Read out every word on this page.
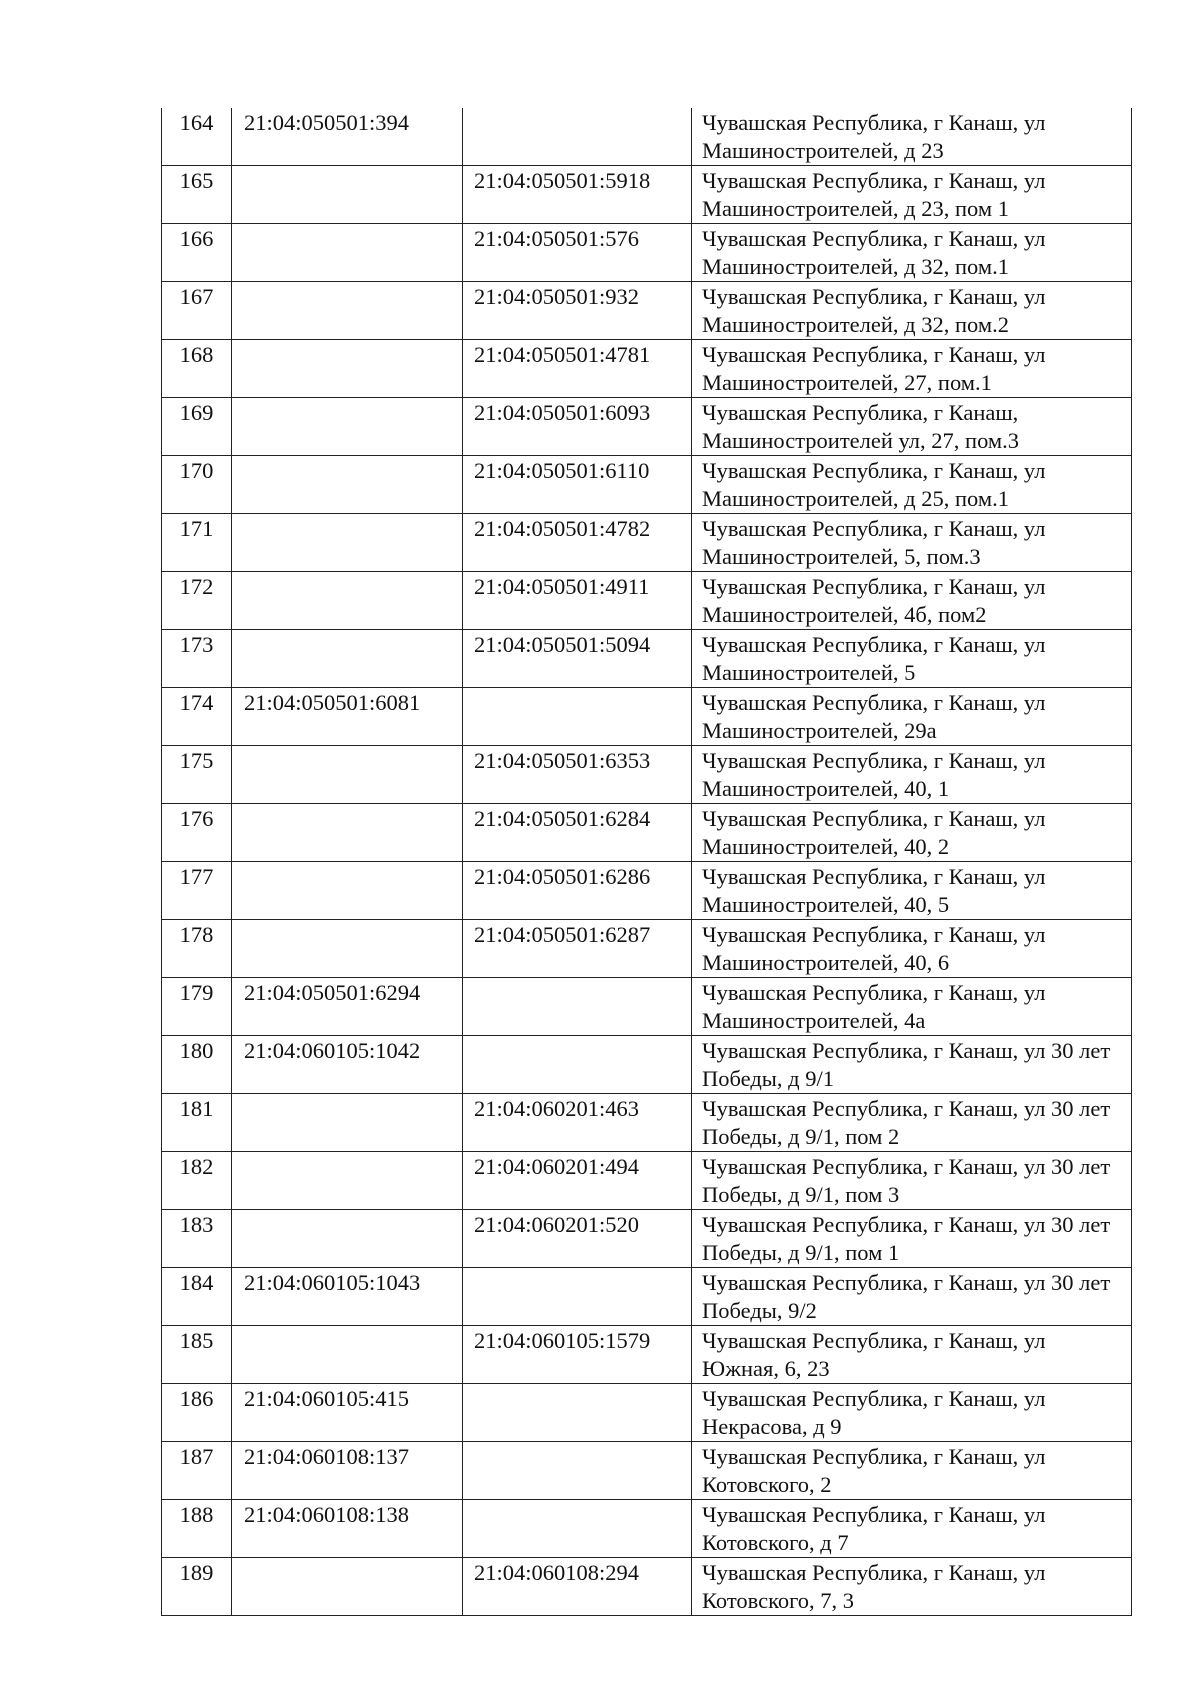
164	21:04:050501:394		Чувашская Республика, г Канаш, ул Машиностроителей, д 23
165		21:04:050501:5918	Чувашская Республика, г Канаш, ул Машиностроителей, д 23, пом 1
166		21:04:050501:576	Чувашская Республика, г Канаш, ул Машиностроителей, д 32, пом.1
167		21:04:050501:932	Чувашская Республика, г Канаш, ул Машиностроителей, д 32, пом.2
168		21:04:050501:4781	Чувашская Республика, г Канаш, ул Машиностроителей, 27, пом.1
169		21:04:050501:6093	Чувашская Республика, г Канаш, Машиностроителей ул, 27, пом.3
170		21:04:050501:6110	Чувашская Республика, г Канаш, ул Машиностроителей, д 25, пом.1
171		21:04:050501:4782	Чувашская Республика, г Канаш, ул Машиностроителей, 5, пом.3
172		21:04:050501:4911	Чувашская Республика, г Канаш, ул Машиностроителей, 4б, пом2
173		21:04:050501:5094	Чувашская Республика, г Канаш, ул Машиностроителей, 5
174	21:04:050501:6081		Чувашская Республика, г Канаш, ул Машиностроителей, 29а
175		21:04:050501:6353	Чувашская Республика, г Канаш, ул Машиностроителей, 40, 1
176		21:04:050501:6284	Чувашская Республика, г Канаш, ул Машиностроителей, 40, 2
177		21:04:050501:6286	Чувашская Республика, г Канаш, ул Машиностроителей, 40, 5
178		21:04:050501:6287	Чувашская Республика, г Канаш, ул Машиностроителей, 40, 6
179	21:04:050501:6294		Чувашская Республика, г Канаш, ул Машиностроителей, 4а
180	21:04:060105:1042		Чувашская Республика, г Канаш, ул 30 лет Победы, д 9/1
181		21:04:060201:463	Чувашская Республика, г Канаш, ул 30 лет Победы, д 9/1, пом 2
182		21:04:060201:494	Чувашская Республика, г Канаш, ул 30 лет Победы, д 9/1, пом 3
183		21:04:060201:520	Чувашская Республика, г Канаш, ул 30 лет Победы, д 9/1, пом 1
184	21:04:060105:1043		Чувашская Республика, г Канаш, ул 30 лет Победы, 9/2
185		21:04:060105:1579	Чувашская Республика, г Канаш, ул Южная, 6, 23
186	21:04:060105:415		Чувашская Республика, г Канаш, ул Некрасова, д 9
187	21:04:060108:137		Чувашская Республика, г Канаш, ул Котовского, 2
188	21:04:060108:138		Чувашская Республика, г Канаш, ул Котовского, д 7
189		21:04:060108:294	Чувашская Республика, г Канаш, ул Котовского, 7, 3
